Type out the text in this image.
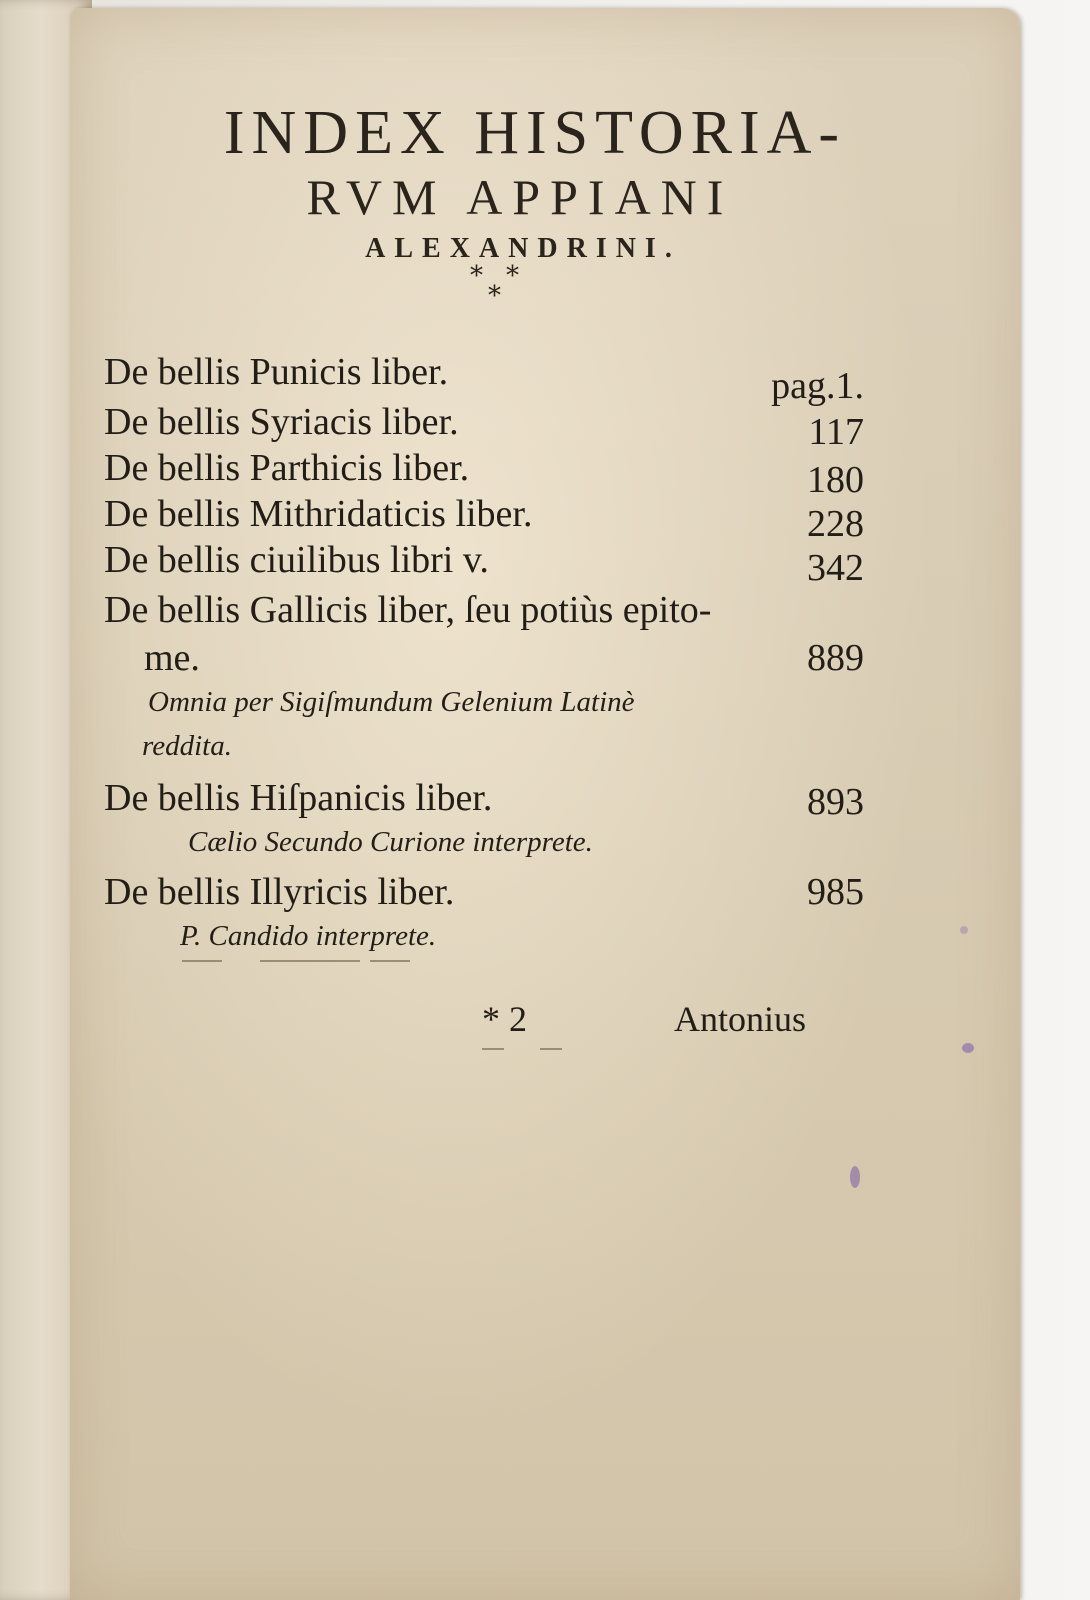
INDEX HISTORIA-
RVM APPIANI
ALEXANDRINI.
* *
*
De bellis Punicis liber.	pag.1.
De bellis Syriacis liber.	117
De bellis Parthicis liber.	180
De bellis Mithridaticis liber.	228
De bellis ciuilibus libri v.	342
De bellis Gallicis liber, ſeu potiùs epito-
me.	889
Omnia per Sigiſmundum Gelenium Latinè
reddita.
De bellis Hiſpanicis liber.	893
Cælio Secundo Curione interprete.
De bellis Illyricis liber.	985
P. Candido interprete.
* 2	Antonius
